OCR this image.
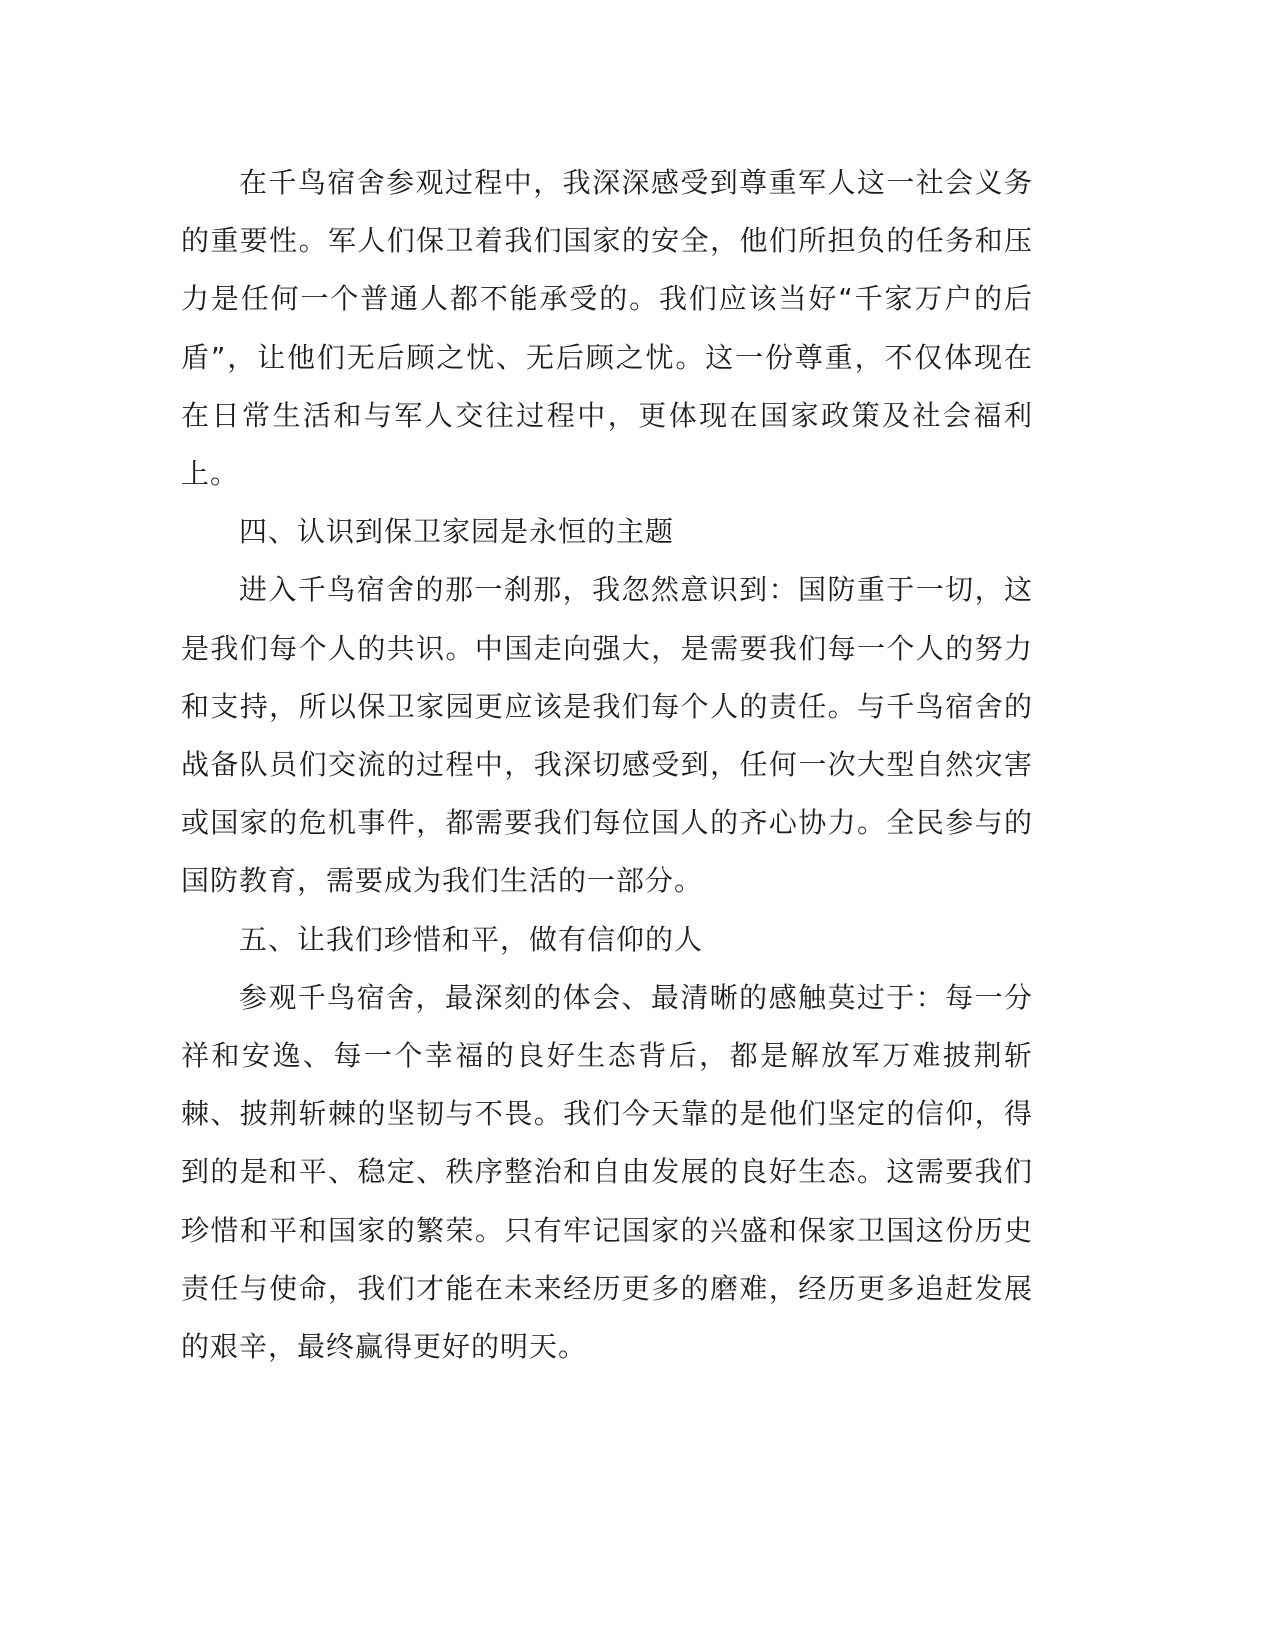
在千鸟宿舍参观过程中，我深深感受到尊重军人这一社会义务的重要性。军人们保卫着我们国家的安全，他们所担负的任务和压力是任何一个普通人都不能承受的。我们应该当好“千家万户的后盾”，让他们无后顾之忧、无后顾之忧。这一份尊重，不仅体现在在日常生活和与军人交往过程中，更体现在国家政策及社会福利上。

四、认识到保卫家园是永恒的主题

进入千鸟宿舍的那一刹那，我忽然意识到：国防重于一切，这是我们每个人的共识。中国走向强大，是需要我们每一个人的努力和支持，所以保卫家园更应该是我们每个人的责任。与千鸟宿舍的战备队员们交流的过程中，我深切感受到，任何一次大型自然灾害或国家的危机事件，都需要我们每位国人的齐心协力。全民参与的国防教育，需要成为我们生活的一部分。

五、让我们珍惜和平，做有信仰的人

参观千鸟宿舍，最深刻的体会、最清晰的感触莫过于：每一分祥和安逸、每一个幸福的良好生态背后，都是解放军万难披荆斩棘、披荆斩棘的坚韧与不畏。我们今天靠的是他们坚定的信仰，得到的是和平、稳定、秩序整治和自由发展的良好生态。这需要我们珍惜和平和国家的繁荣。只有牢记国家的兴盛和保家卫国这份历史责任与使命，我们才能在未来经历更多的磨难，经历更多追赶发展的艰辛，最终赢得更好的明天。
